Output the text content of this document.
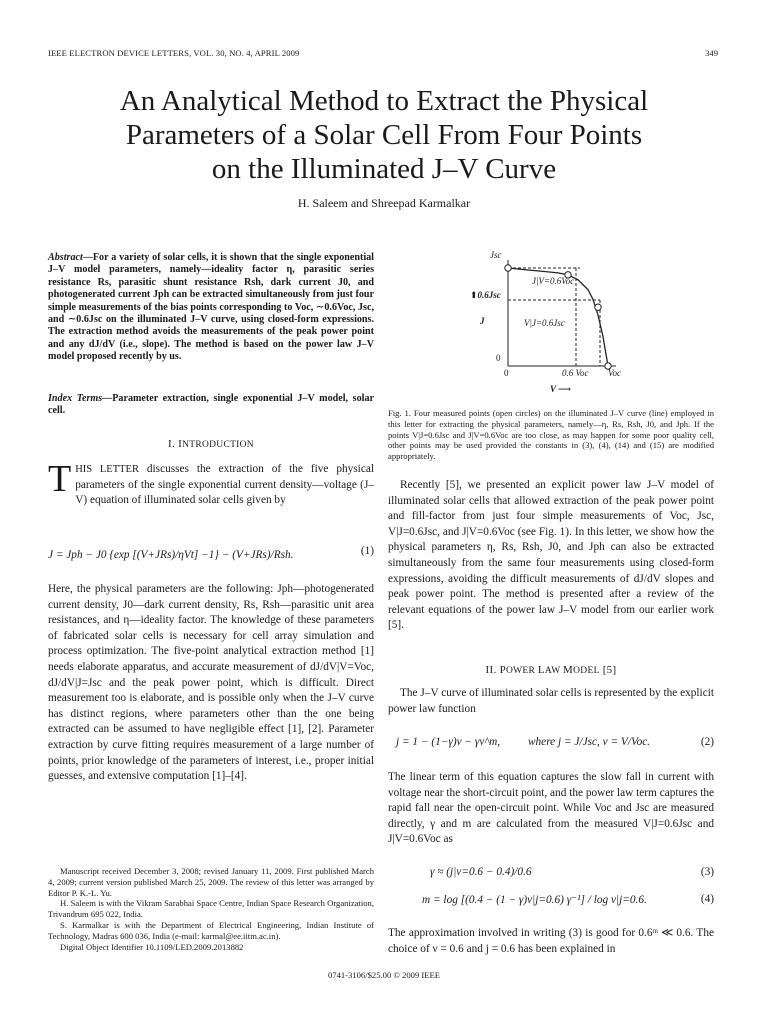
IEEE ELECTRON DEVICE LETTERS, VOL. 30, NO. 4, APRIL 2009	349
An Analytical Method to Extract the Physical
Parameters of a Solar Cell From Four Points
on the Illuminated J–V Curve
H. Saleem and Shreepad Karmalkar
Abstract—For a variety of solar cells, it is shown that the single exponential J–V model parameters, namely—ideality factor η, parasitic series resistance Rs, parasitic shunt resistance Rsh, dark current J0, and photogenerated current Jph can be extracted simultaneously from just four simple measurements of the bias points corresponding to Voc, ∼0.6Voc, Jsc, and ∼0.6Jsc on the illuminated J–V curve, using closed-form expressions. The extraction method avoids the measurements of the peak power point and any dJ/dV (i.e., slope). The method is based on the power law J–V model proposed recently by us.
Index Terms—Parameter extraction, single exponential J–V model, solar cell.
I. INTRODUCTION
THIS LETTER discusses the extraction of the five physical parameters of the single exponential current density—voltage (J–V) equation of illuminated solar cells given by
J = Jph − J0 {exp [(V+JRs)/ηVt] −1} − (V+JRs)/Rsh.	(1)
Here, the physical parameters are the following: Jph—photogenerated current density, J0—dark current density, Rs, Rsh—parasitic unit area resistances, and η—ideality factor. The knowledge of these parameters of fabricated solar cells is necessary for cell array simulation and process optimization. The five-point analytical extraction method [1] needs elaborate apparatus, and accurate measurement of dJ/dV|V=Voc, dJ/dV|J=Jsc and the peak power point, which is difficult. Direct measurement too is elaborate, and is possible only when the J–V curve has distinct regions, where parameters other than the one being extracted can be assumed to have negligible effect [1], [2]. Parameter extraction by curve fitting requires measurement of a large number of points, prior knowledge of the parameters of interest, i.e., proper initial guesses, and extensive computation [1]–[4].
Manuscript received December 3, 2008; revised January 11, 2009. First published March 4, 2009; current version published March 25, 2009. The review of this letter was arranged by Editor P. K.-L. Yu.
H. Saleem is with the Vikram Sarabhai Space Centre, Indian Space Research Organization, Trivandrum 695 022, India.
S. Karmalkar is with the Department of Electrical Engineering, Indian Institute of Technology, Madras 600 036, India (e-mail: karmal@ee.iitm.ac.in).
Digital Object Identifier 10.1109/LED.2009.2013882
Jsc
⬆0.6Jsc
J
J|V=0.6Voc
V|J=0.6Jsc
0
0
0.6 Voc Voc
V ⟶
Fig. 1. Four measured points (open circles) on the illuminated J–V curve (line) employed in this letter for extracting the physical parameters, namely—η, Rs, Rsh, J0, and Jph. If the points V|J=0.6Jsc and J|V=0.6Voc are too close, as may happen for some poor quality cell, other points may be used provided the constants in (3), (4), (14) and (15) are modified appropriately.
Recently [5], we presented an explicit power law J–V model of illuminated solar cells that allowed extraction of the peak power point and fill-factor from just four simple measurements of Voc, Jsc, V|J=0.6Jsc, and J|V=0.6Voc (see Fig. 1). In this letter, we show how the physical parameters η, Rs, Rsh, J0, and Jph can also be extracted simultaneously from the same four measurements using closed-form expressions, avoiding the difficult measurements of dJ/dV slopes and peak power point. The method is presented after a review of the relevant equations of the power law J–V model from our earlier work [5].
II. POWER LAW MODEL [5]
The J–V curve of illuminated solar cells is represented by the explicit power law function
j = 1 − (1−γ)v − γv^m, where j = J/Jsc, v = V/Voc.	(2)
The linear term of this equation captures the slow fall in current with voltage near the short-circuit point, and the power law term captures the rapid fall near the open-circuit point. While Voc and Jsc are measured directly, γ and m are calculated from the measured V|J=0.6Jsc and J|V=0.6Voc as
γ ≈ (j|v=0.6 − 0.4)/0.6	(3)
m = log [(0.4 − (1 − γ)v|j=0.6) γ⁻¹] / log v|j=0.6.	(4)
The approximation involved in writing (3) is good for 0.6ᵐ ≪ 0.6. The choice of ν = 0.6 and j = 0.6 has been explained in
0741-3106/$25.00 © 2009 IEEE
